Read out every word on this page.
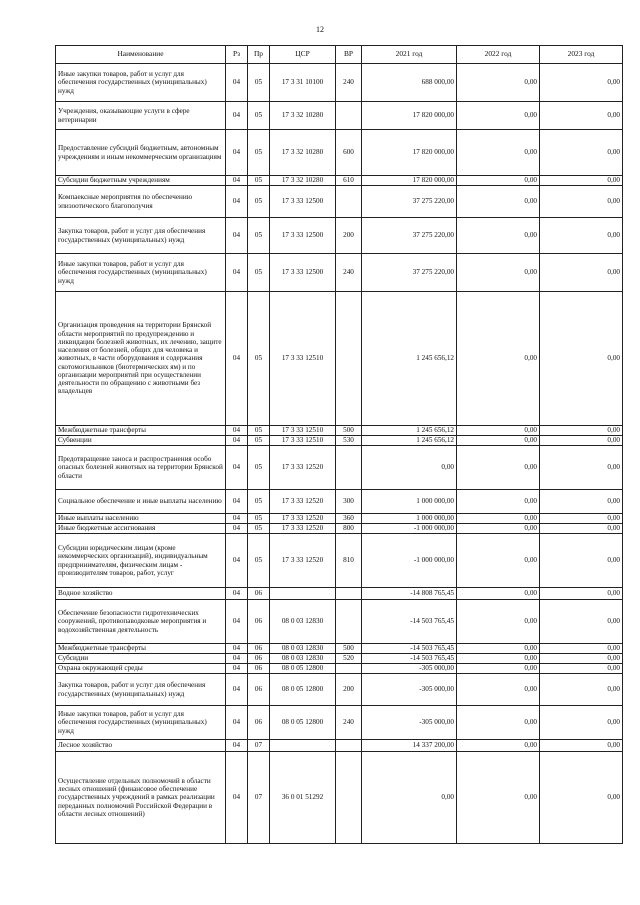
12
Наименование	Рз	Пр	ЦСР	ВР	2021 год	2022 год	2023 год
Иные закупки товаров, работ и услуг для обеспечения государственных (муниципальных) нужд	04	05	17 3 31 10100	240	688 000,00	0,00	0,00
Учреждения, оказывающие услуги в сфере ветеринарии	04	05	17 3 32 10280		17 820 000,00	0,00	0,00
Предоставление субсидий бюджетным, автономным учреждениям и иным некоммерческим организациям	04	05	17 3 32 10280	600	17 820 000,00	0,00	0,00
Субсидии бюджетным учреждениям	04	05	17 3 32 10280	610	17 820 000,00	0,00	0,00
Компаексные мероприятия по обеспечению эпизоотического благополучия	04	05	17 3 33 12500		37 275 220,00	0,00	0,00
Закупка товаров, работ и услуг для обеспечения государственных (муниципальных) нужд	04	05	17 3 33 12500	200	37 275 220,00	0,00	0,00
Иные закупки товаров, работ и услуг для обеспечения государственных (муниципальных) нужд	04	05	17 3 33 12500	240	37 275 220,00	0,00	0,00
Организация проведения на территории Брянской области мероприятий по предупреждению и ликвидации болезней животных, их лечению, защите населения от болезней, общих для человека и животных, в части оборудования и содержания скотомогильников (биотермических ям) и по организации мероприятий при осуществлении деятельности по обращению с животными без владельцев	04	05	17 3 33 12510		1 245 656,12	0,00	0,00
Межбюджетные трансферты	04	05	17 3 33 12510	500	1 245 656,12	0,00	0,00
Субвенции	04	05	17 3 33 12510	530	1 245 656,12	0,00	0,00
Предотвращение заноса и распространения особо опасных болезней животных на территории Брянской области	04	05	17 3 33 12520		0,00	0,00	0,00
Социальное обеспечение и иные выплаты населению	04	05	17 3 33 12520	300	1 000 000,00	0,00	0,00
Иные выплаты населению	04	05	17 3 33 12520	360	1 000 000,00	0,00	0,00
Иные бюджетные ассигнования	04	05	17 3 33 12520	800	-1 000 000,00	0,00	0,00
Субсидии юридическим лицам (кроме некоммерческих организаций), индивидуальным предпринимателям, физическим лицам - производителям товаров, работ, услуг	04	05	17 3 33 12520	810	-1 000 000,00	0,00	0,00
Водное хозяйство	04	06			-14 808 765,45	0,00	0,00
Обеспечение безопасности гидротехнических сооружений, противопаводковые мероприятия и водохозяйственная деятельность	04	06	08 0 03 12830		-14 503 765,45	0,00	0,00
Межбюджетные трансферты	04	06	08 0 03 12830	500	-14 503 765,45	0,00	0,00
Субсидии	04	06	08 0 03 12830	520	-14 503 765,45	0,00	0,00
Охрана окружающей среды	04	06	08 0 05 12800		-305 000,00	0,00	0,00
Закупка товаров, работ и услуг для обеспечения государственных (муниципальных) нужд	04	06	08 0 05 12800	200	-305 000,00	0,00	0,00
Иные закупки товаров, работ и услуг для обеспечения государственных (муниципальных) нужд	04	06	08 0 05 12800	240	-305 000,00	0,00	0,00
Лесное хозяйство	04	07			14 337 200,00	0,00	0,00
Осуществление отдельных полномочий в области лесных отношений (финансовое обеспечение государственных учреждений в рамках реализации переданных полномочий Российской Федерации в области лесных отношений)	04	07	36 0 01 51292		0,00	0,00	0,00
